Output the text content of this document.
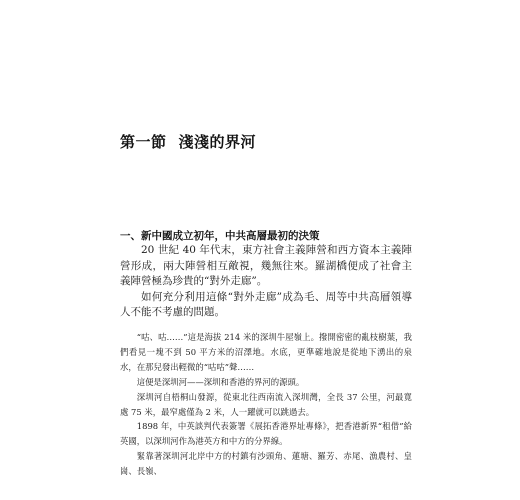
第一節 淺淺的界河
一、新中國成立初年，中共高層最初的決策

20 世紀 40 年代末，東方社會主義陣營和西方資本主義陣營形成，兩大陣營相互敵視，幾無往來。羅湖橋便成了社會主義陣營極為珍貴的“對外走廊”。

如何充分利用這條“對外走廊”成為毛、周等中共高層領導人不能不考慮的問題。

“咕、咕……”這是海拔 214 米的深圳牛屋嶺上。撥開密密的亂枝樹葉，我們看見一塊不到 50 平方米的沼澤地。水底，更準確地說是從地下湧出的泉水，在那兒發出輕微的“咕咕”聲……

這便是深圳河——深圳和香港的界河的源頭。

深圳河自梧桐山發源，從東北往西南流入深圳灣，全長 37 公里，河最寬處 75 米，最窄處僅為 2 米，人一躍就可以跳過去。

1898 年，中英談判代表簽署《展拓香港界址專條》，把香港新界“租借”給英國，以深圳河作為港英方和中方的分界線。

緊靠著深圳河北岸中方的村鎮有沙頭角、蓮塘、羅芳、赤尾、漁農村、皇崗、長嶺、
